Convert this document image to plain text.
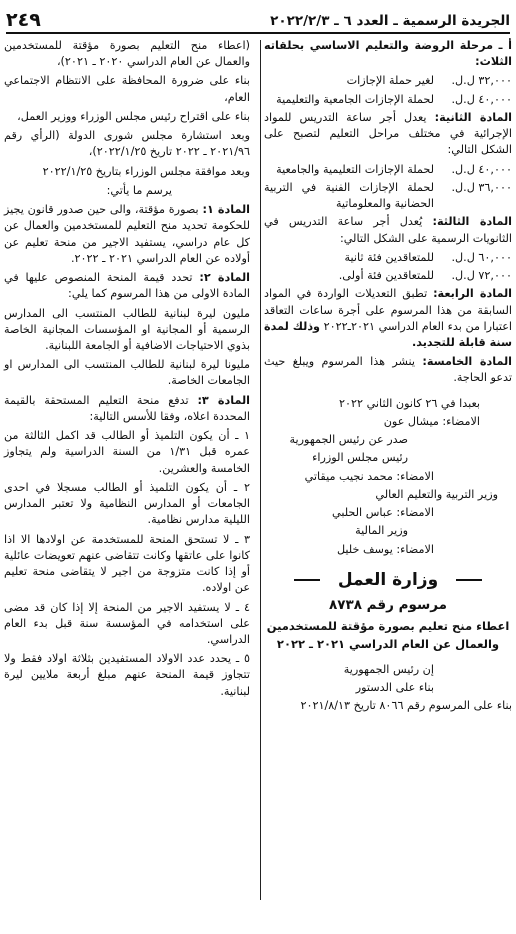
الجريدة الرسمية ـ العدد ٦ ـ ٢٠٢٢/٢/٣
٢٤٩

أ ـ مرحلة الروضة والتعليم الاساسي بحلقاته الثلاث:

٣٢,٠٠٠ ل.ل.
لغير حملة الإجازات
٤٠,٠٠٠ ل.ل.
لحملة الإجازات الجامعية والتعليمية

المادة الثانية: يعدل أجر ساعة التدريس للمواد الإجرائية في مختلف مراحل التعليم لتصبح على الشكل التالي:

٤٠,٠٠٠ ل.ل.
لحملة الإجازات التعليمية والجامعية
٣٦,٠٠٠ ل.ل.
لحملة الإجازات الفنية في التربية الحضانية والمعلوماتية

المادة الثالثة: يُعدل أجر ساعة التدريس في الثانويات الرسمية على الشكل التالي:

٦٠,٠٠٠ ل.ل.
للمتعاقدين فئة ثانية
٧٢,٠٠٠ ل.ل.
للمتعاقدين فئة أولى.

المادة الرابعة: تطبق التعديلات الواردة في المواد السابقة من هذا المرسوم على أجرة ساعات التعاقد اعتبارا من بدء العام الدراسي ٢٠٢١ـ٢٠٢٢ وذلك لمدة سنة قابلة للتجديد.

المادة الخامسة: ينشر هذا المرسوم ويبلغ حيث تدعو الحاجة.

بعبدا في ٢٦ كانون الثاني ٢٠٢٢
الامضاء: ميشال عون
صدر عن رئيس الجمهورية
رئيس مجلس الوزراء
الامضاء: محمد نجيب ميقاتي
وزير التربية والتعليم العالي
الامضاء: عباس الحلبي
وزير المالية
الامضاء: يوسف خليل
وزارة العمل
مرسوم رقم ٨٧٣٨
اعطاء منح تعليم بصورة مؤقتة للمستخدمين والعمال عن العام الدراسي ٢٠٢١ ـ ٢٠٢٢
إن رئيس الجمهورية
بناء على الدستور
بناء على المرسوم رقم ٨٠٦٦ تاريخ ٢٠٢١/٨/١٣

(اعطاء منح التعليم بصورة مؤقتة للمستخدمين والعمال عن العام الدراسي ٢٠٢٠ ـ ٢٠٢١)،

بناء على ضرورة المحافظة على الانتظام الاجتماعي العام،

بناء على اقتراح رئيس مجلس الوزراء ووزير العمل،

وبعد استشارة مجلس شورى الدولة (الرأي رقم ٢٠٢١/٩٦ ـ ٢٠٢٢ تاريخ ٢٠٢٢/١/٢٥)،

وبعد موافقة مجلس الوزراء بتاريخ ٢٠٢٢/١/٢٥

يرسم ما يأتي:

المادة ١: بصورة مؤقتة، والى حين صدور قانون يجيز للحكومة تحديد منح التعليم للمستخدمين والعمال عن كل عام دراسي، يستفيد الاجير من منحة تعليم عن أولاده عن العام الدراسي ٢٠٢١ ـ ٢٠٢٢.

المادة ٢: تحدد قيمة المنحة المنصوص عليها في المادة الاولى من هذا المرسوم كما يلي:

مليون ليرة لبنانية للطالب المنتسب الى المدارس الرسمية أو المجانية او المؤسسات المجانية الخاصة بذوي الاحتياجات الاضافية أو الجامعة اللبنانية.

مليونا ليرة لبنانية للطالب المنتسب الى المدارس او الجامعات الخاصة.

المادة ٣: تدفع منحة التعليم المستحقة بالقيمة المحددة اعلاه، وفقا للأسس التالية:

١ ـ أن يكون التلميذ أو الطالب قد اكمل الثالثة من عمره قبل ١/٣١ من السنة الدراسية ولم يتجاوز الخامسة والعشرين.

٢ ـ أن يكون التلميذ أو الطالب مسجلا في احدى الجامعات أو المدارس النظامية ولا تعتبر المدارس الليلية مدارس نظامية.

٣ ـ لا تستحق المنحة للمستخدمة عن اولادها الا اذا كانوا على عاتقها وكانت تتقاضى عنهم تعويضات عائلية أو إذا كانت متزوجة من اجير لا يتقاضى منحة تعليم عن اولاده.

٤ ـ لا يستفيد الاجير من المنحة إلا إذا كان قد مضى على استخدامه في المؤسسة سنة قبل بدء العام الدراسي.

٥ ـ يحدد عدد الاولاد المستفيدين بثلاثة اولاد فقط ولا تتجاوز قيمة المنحة عنهم مبلغ أربعة ملايين ليرة لبنانية.
